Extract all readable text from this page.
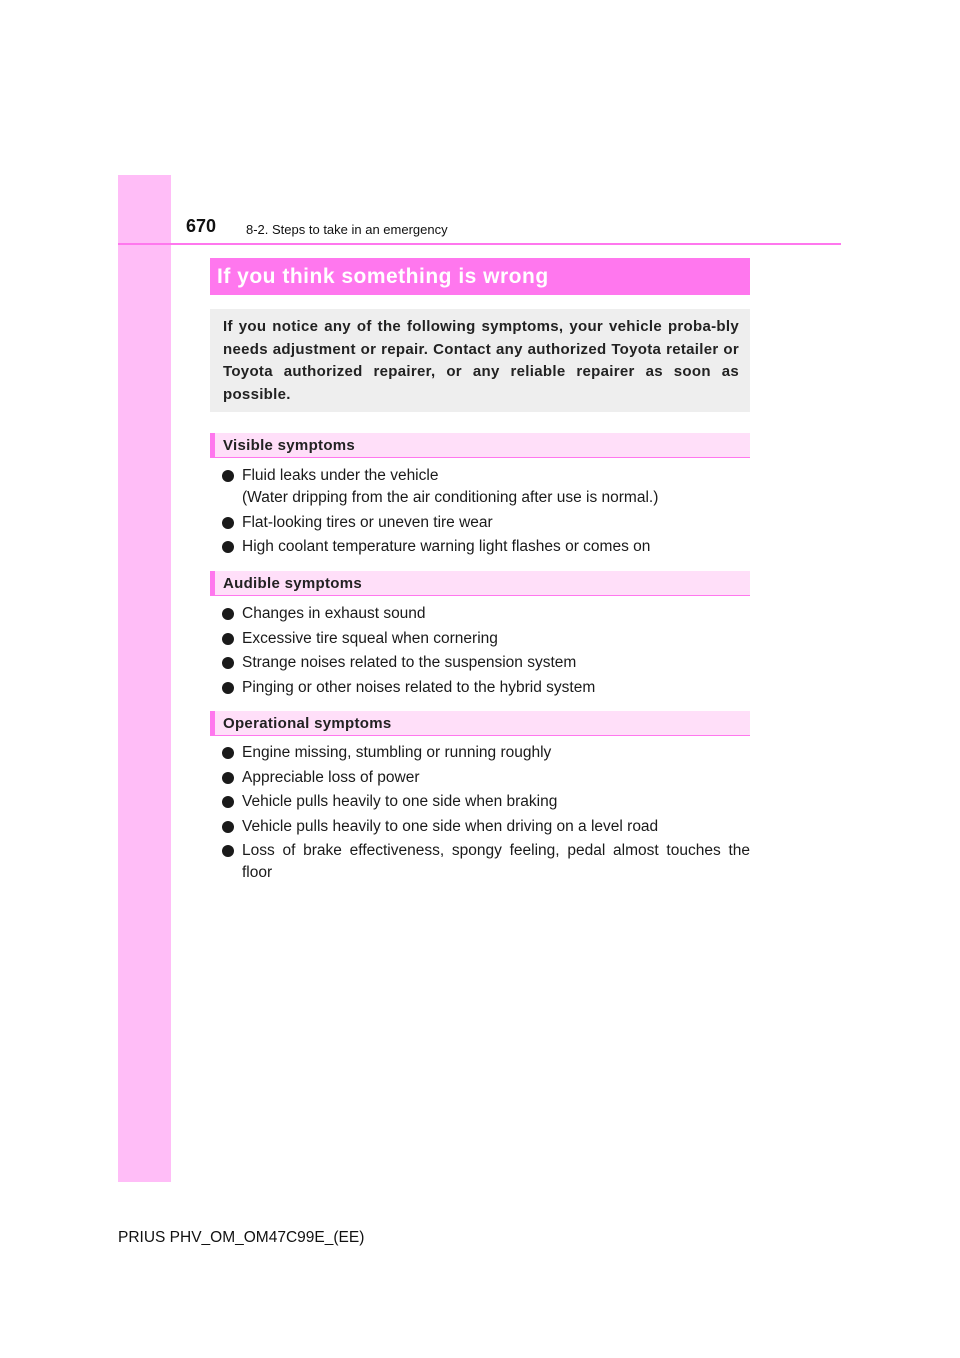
670 8-2. Steps to take in an emergency
If you think something is wrong

If you notice any of the following symptoms, your vehicle proba-bly needs adjustment or repair. Contact any authorized Toyota retailer or Toyota authorized repairer, or any reliable repairer as soon as possible.

Visible symptoms
Fluid leaks under the vehicle
(Water dripping from the air conditioning after use is normal.)
Flat-looking tires or uneven tire wear
High coolant temperature warning light flashes or comes on
Audible symptoms
Changes in exhaust sound
Excessive tire squeal when cornering
Strange noises related to the suspension system
Pinging or other noises related to the hybrid system
Operational symptoms
Engine missing, stumbling or running roughly
Appreciable loss of power
Vehicle pulls heavily to one side when braking
Vehicle pulls heavily to one side when driving on a level road
Loss of brake effectiveness, spongy feeling, pedal almost touches the floor
PRIUS PHV_OM_OM47C99E_(EE)
